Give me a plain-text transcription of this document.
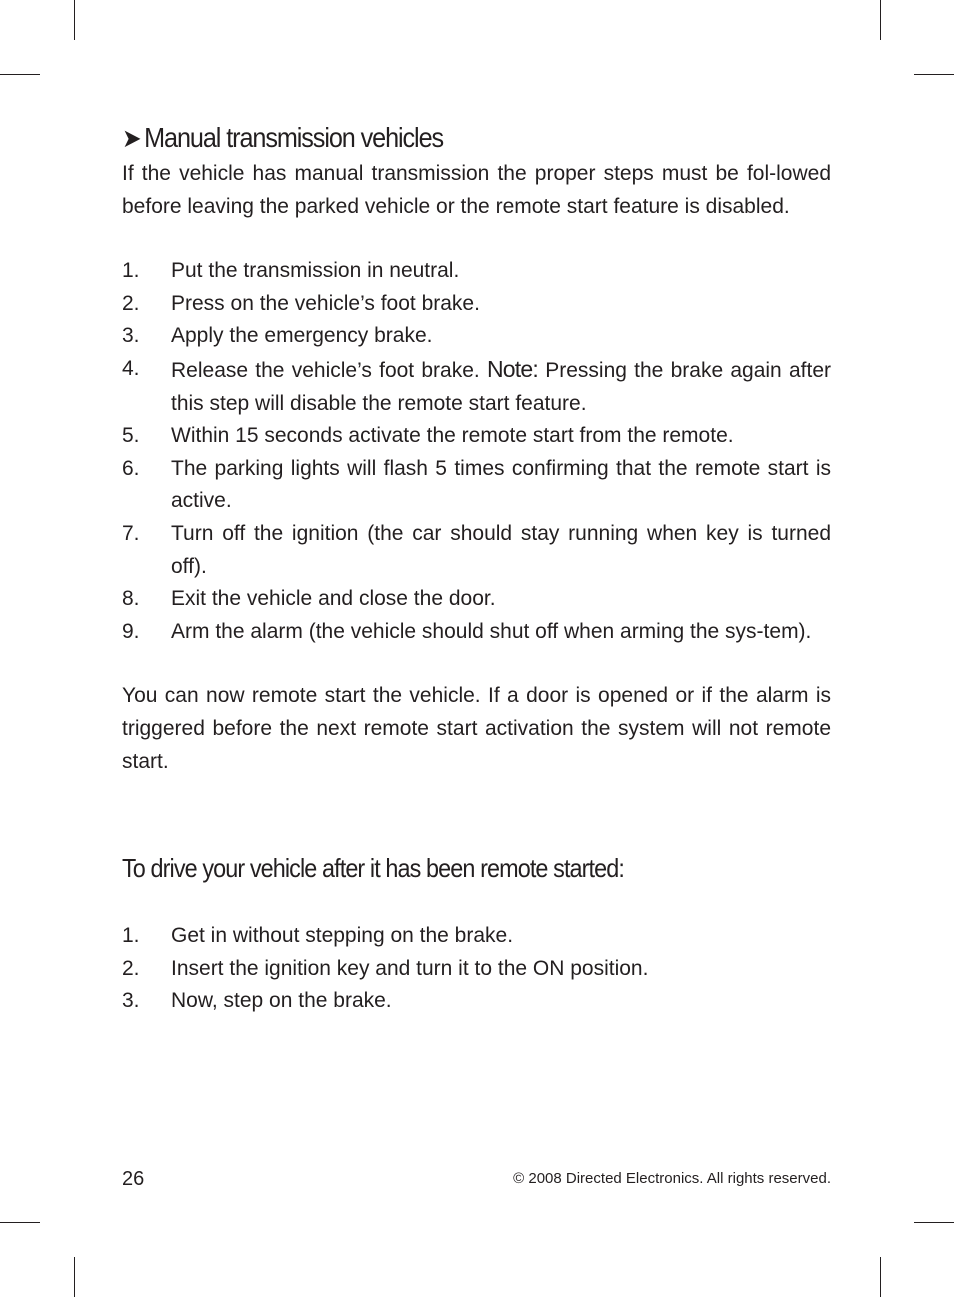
➤ Manual transmission vehicles

If the vehicle has manual transmission the proper steps must be fol-lowed before leaving the parked vehicle or the remote start feature is disabled.

1.	Put the transmission in neutral.
2.	Press on the vehicle’s foot brake.
3.	Apply the emergency brake.
4.	Release the vehicle’s foot brake. Note: Pressing the brake again after this step will disable the remote start feature.
5.	Within 15 seconds activate the remote start from the remote.
6.	The parking lights will flash 5 times confirming that the remote start is active.
7.	Turn off the ignition (the car should stay running when key is turned off).
8.	Exit the vehicle and close the door.
9.	Arm the alarm (the vehicle should shut off when arming the sys-tem).

You can now remote start the vehicle. If a door is opened or if the alarm is triggered before the next remote start activation the system will not remote start.

To drive your vehicle after it has been remote started:
1.	Get in without stepping on the brake.
2.	Insert the ignition key and turn it to the ON position.
3.	Now, step on the brake.
26	© 2008 Directed Electronics. All rights reserved.
